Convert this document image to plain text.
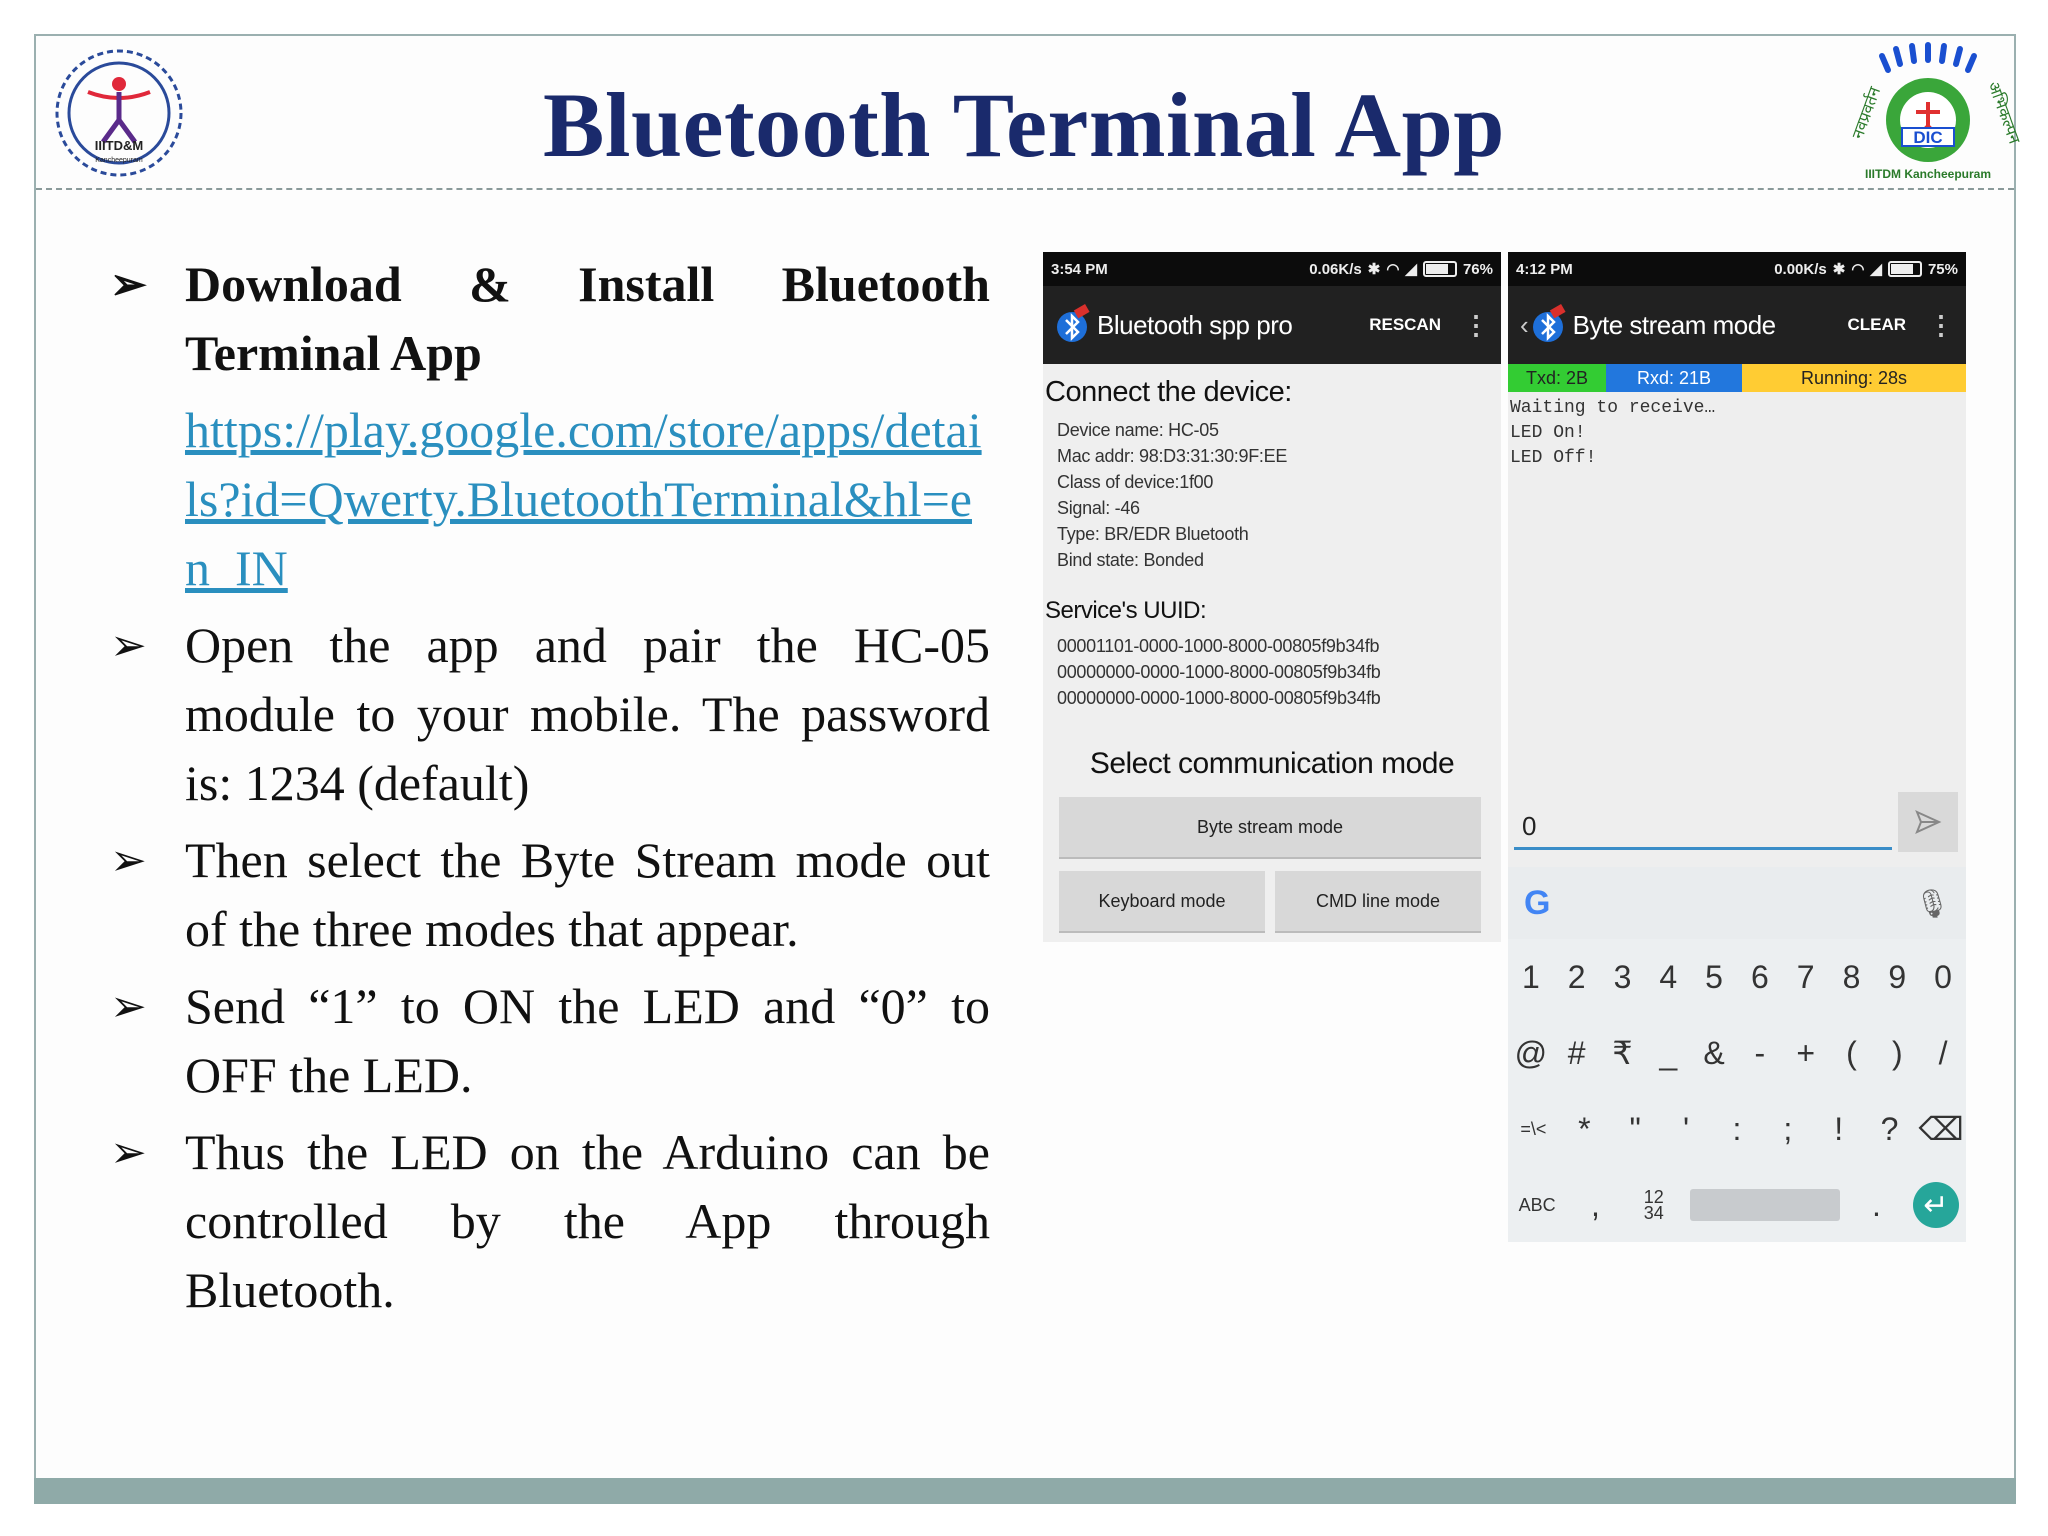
IIITD&M
Kancheepuram	Bluetooth Terminal App	DIC
IIITDM Kancheepuram
नवप्रवर्तन	अभिकल्पन
➢ Download & Install Bluetooth Terminal App
https://play.google.com/store/apps/details?id=Qwerty.BluetoothTerminal&hl=en_IN
➢ Open the app and pair the HC-05 module to your mobile. The password is: 1234 (default)
➢ Then select the Byte Stream mode out of the three modes that appear.
➢ Send “1” to ON the LED and “0” to OFF the LED.
➢ Thus the LED on the Arduino can be controlled by the App through Bluetooth.
3:54 PM	0.06K/s ✱ ◠ ◢	76%
Bluetooth spp pro	RESCAN ⋮
Connect the device:
Device name: HC-05
Mac addr: 98:D3:31:30:9F:EE
Class of device:1f00
Signal: -46
Type: BR/EDR Bluetooth
Bind state: Bonded
Service's UUID:
00001101-0000-1000-8000-00805f9b34fb
00000000-0000-1000-8000-00805f9b34fb
00000000-0000-1000-8000-00805f9b34fb
Select communication mode
Byte stream mode
Keyboard mode	CMD line mode
4:12 PM	0.00K/s ✱ ◠ ◢	75%
‹ Byte stream mode	CLEAR ⋮
Txd: 2B	Rxd: 21B	Running: 28s
Waiting to receive…
LED On!
LED Off!
0
G	🎙
1 2 3 4 5 6 7 8 9 0
@ # ₹ _ & - + (	)	/
=\< *	"	'	:	;	!	? ⌫
ABC	,	12
34	.	↵
